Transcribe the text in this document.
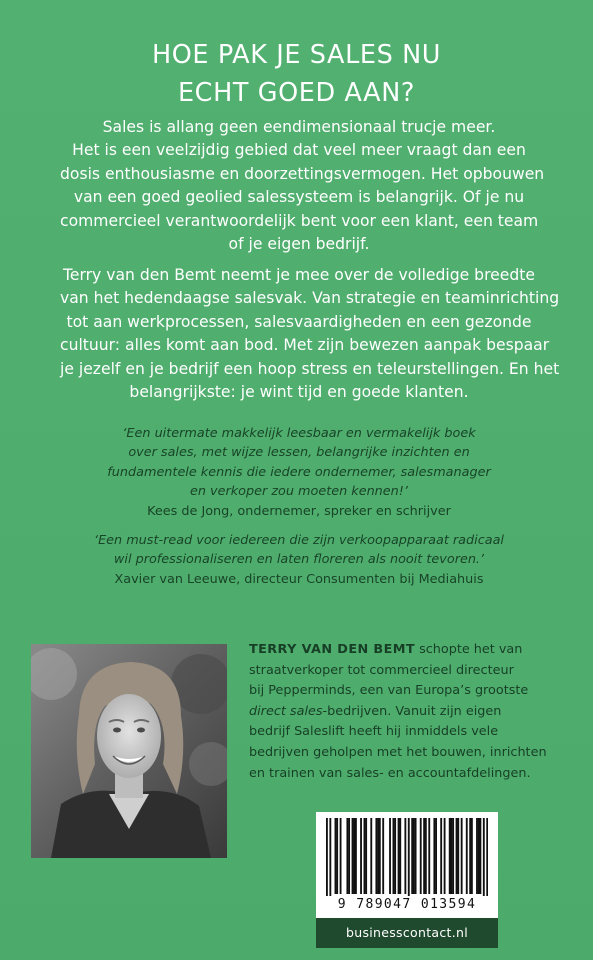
HOE PAK JE SALES NU
ECHT GOED AAN?
Sales is allang geen eendimensionaal trucje meer.
Het is een veelzijdig gebied dat veel meer vraagt dan een
dosis enthousiasme en doorzettingsvermogen. Het opbouwen
van een goed geolied salessysteem is belangrijk. Of je nu
commercieel verantwoordelijk bent voor een klant, een team
of je eigen bedrijf.
Terry van den Bemt neemt je mee over de volledige breedte
van het hedendaagse salesvak. Van strategie en teaminrichting
tot aan werkprocessen, salesvaardigheden en een gezonde
cultuur: alles komt aan bod. Met zijn bewezen aanpak bespaar
je jezelf en je bedrijf een hoop stress en teleurstellingen. En het
belangrijkste: je wint tijd en goede klanten.
‘Een uitermate makkelijk leesbaar en vermakelijk boek
over sales, met wijze lessen, belangrijke inzichten en
fundamentele kennis die iedere ondernemer, salesmanager
en verkoper zou moeten kennen!’
Kees de Jong, ondernemer, spreker en schrijver
‘Een must-read voor iedereen die zijn verkoopapparaat radicaal
wil professionaliseren en laten floreren als nooit tevoren.’
Xavier van Leeuwe, directeur Consumenten bij Mediahuis
TERRY VAN DEN BEMT schopte het van
straatverkoper tot commercieel directeur
bij Pepperminds, een van Europa’s grootste
direct sales-bedrijven. Vanuit zijn eigen
bedrijf Saleslift heeft hij inmiddels vele
bedrijven geholpen met het bouwen, inrichten
en trainen van sales- en accountafdelingen.
9 789047 013594
businesscontact.nl
